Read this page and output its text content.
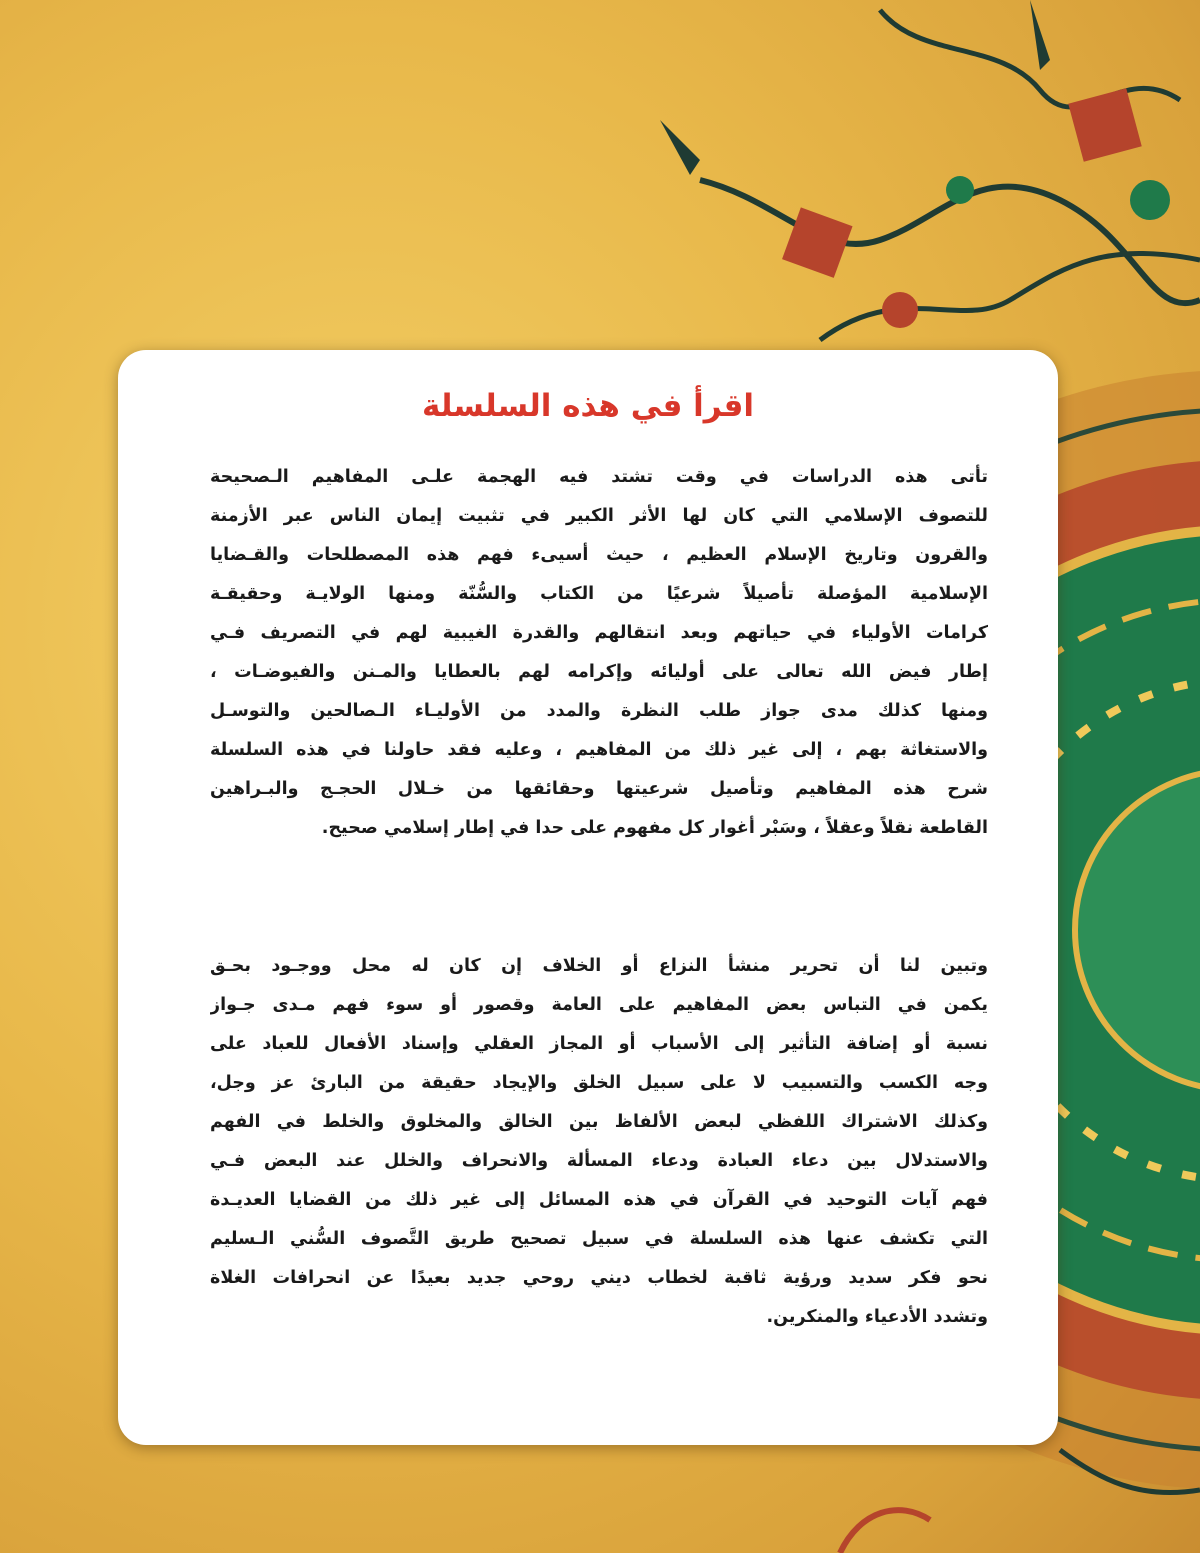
اقرأ في هذه السلسلة
تأتى هذه الدراسات في وقت تشتد فيه الهجمة علـى المفاهيم الـصحيحة
للتصوف الإسلامي التي كان لها الأثر الكبير في تثبيت إيمان الناس عبر الأزمنة
والقرون وتاريخ الإسلام العظيم ، حيث أسيىء فهم هذه المصطلحات والقـضايا
الإسلامية المؤصلة تأصيلاً شرعيًا من الكتاب والسُّنّة ومنها الولايـة وحقيقـة
كرامات الأولياء في حياتهم وبعد انتقالهم والقدرة الغيبية لهم في التصريف فـي
إطار فيض الله تعالى على أوليائه وإكرامه لهم بالعطايا والمـنن والفيوضـات ،
ومنها كذلك مدى جواز طلب النظرة والمدد من الأوليـاء الـصالحين والتوسـل
والاستغاثة بهم ، إلى غير ذلك من المفاهيم ، وعليه فقد حاولنا في هذه السلسلة
شرح هذه المفاهيم وتأصيل شرعيتها وحقائقها من خـلال الحجـج والبـراهين
القاطعة نقلاً وعقلاً ، وسَبْر أغوار كل مفهوم على حدا في إطار إسلامي صحيح.
وتبين لنا أن تحرير منشأ النزاع أو الخلاف إن كان له محل ووجـود بحـق
يكمن في التباس بعض المفاهيم على العامة وقصور أو سوء فهم مـدى جـواز
نسبة أو إضافة التأثير إلى الأسباب أو المجاز العقلي وإسناد الأفعال للعباد على
وجه الكسب والتسبيب لا على سبيل الخلق والإيجاد حقيقة من البارئ عز وجل،
وكذلك الاشتراك اللفظي لبعض الألفاظ بين الخالق والمخلوق والخلط في الفهم
والاستدلال بين دعاء العبادة ودعاء المسألة والانحراف والخلل عند البعض فـي
فهم آيات التوحيد في القرآن في هذه المسائل إلى غير ذلك من القضايا العديـدة
التي تكشف عنها هذه السلسلة في سبيل تصحيح طريق التَّصوف السُّني الـسليم
نحو فكر سديد ورؤية ثاقبة لخطاب ديني روحي جديد بعيدًا عن انحرافات الغلاة
وتشدد الأدعياء والمنكرين.
